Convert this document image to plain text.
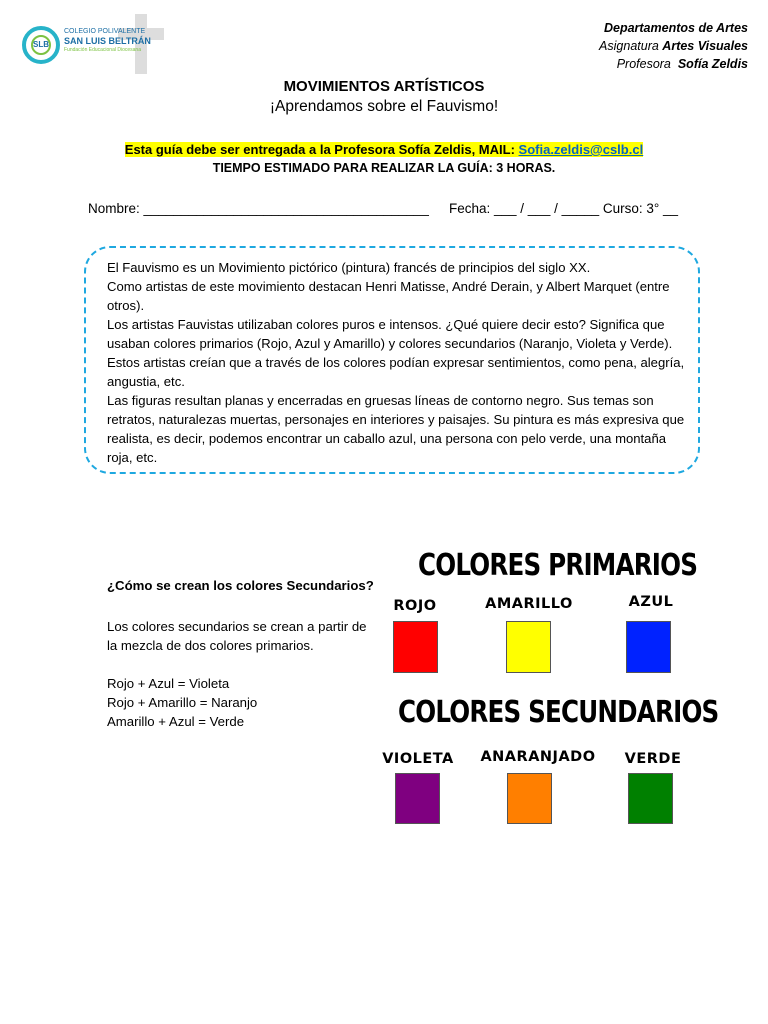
SLB
COLEGIO POLIVALENTE
SAN LUIS BELTRÁN
Fundación Educacional Diocesana
Departamentos de Artes
Asignatura Artes Visuales
Profesora Sofía Zeldis
MOVIMIENTOS ARTÍSTICOS
¡Aprendamos sobre el Fauvismo!
Esta guía debe ser entregada a la Profesora Sofía Zeldis, MAIL: Sofia.zeldis@cslb.cl
TIEMPO ESTIMADO PARA REALIZAR LA GUÍA: 3 HORAS.
Nombre: ______________________________________ Fecha: ___ / ___ / _____ Curso: 3° __

El Fauvismo es un Movimiento pictórico (pintura) francés de principios del siglo XX.

Como artistas de este movimiento destacan Henri Matisse, André Derain, y Albert Marquet (entre otros).

Los artistas Fauvistas utilizaban colores puros e intensos. ¿Qué quiere decir esto? Significa que usaban colores primarios (Rojo, Azul y Amarillo) y colores secundarios (Naranjo, Violeta y Verde). Estos artistas creían que a través de los colores podían expresar sentimientos, como pena, alegría, angustia, etc.

Las figuras resultan planas y encerradas en gruesas líneas de contorno negro. Sus temas son retratos, naturalezas muertas, personajes en interiores y paisajes. Su pintura es más expresiva que realista, es decir, podemos encontrar un caballo azul, una persona con pelo verde, una montaña roja, etc.

¿Cómo se crean los colores Secundarios?

Los colores secundarios se crean a partir de la mezcla de dos colores primarios.

Rojo + Azul = Violeta

Rojo + Amarillo = Naranjo

Amarillo + Azul = Verde

COLORES PRIMARIOS
ROJO	AMARILLO	AZUL
COLORES SECUNDARIOS
VIOLETA	ANARANJADO	VERDE
